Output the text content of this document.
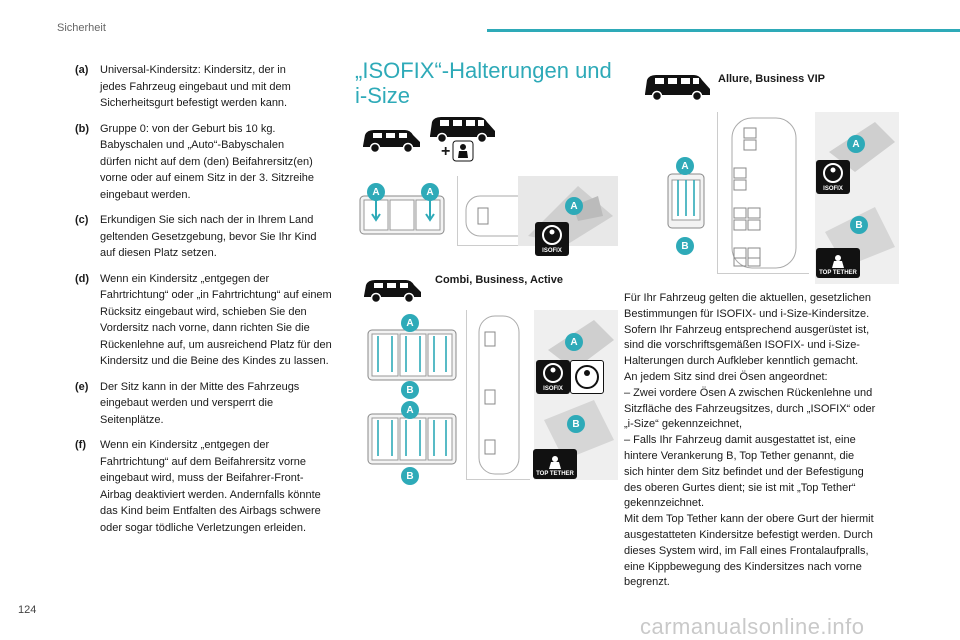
Sicherheit
(a)	Universal-Kindersitz: Kindersitz, der in
jedes Fahrzeug eingebaut und mit dem
Sicherheitsgurt befestigt werden kann.
(b) Gruppe 0: von der Geburt bis 10 kg.
Babyschalen und „Auto“-Babyschalen
dürfen nicht auf dem (den) Beifahrersitz(en)
vorne oder auf einem Sitz in der 3. Sitzreihe
eingebaut werden.
(c)	Erkundigen Sie sich nach der in Ihrem Land
geltenden Gesetzgebung, bevor Sie Ihr Kind
auf diesen Platz setzen.
(d) Wenn ein Kindersitz „entgegen der
Fahrtrichtung“ oder „in Fahrtrichtung“ auf einem
Rücksitz eingebaut wird, schieben Sie den
Vordersitz nach vorne, dann richten Sie die
Rückenlehne auf, um ausreichend Platz für den
Kindersitz und die Beine des Kindes zu lassen.
(e)	Der Sitz kann in der Mitte des Fahrzeugs
eingebaut werden und versperrt die
Seitenplätze.
(f)	Wenn ein Kindersitz „entgegen der
Fahrtrichtung“ auf dem Beifahrersitz vorne
eingebaut wird, muss der Beifahrer-Front-
Airbag deaktiviert werden. Andernfalls könnte
das Kind beim Entfalten des Airbags schwere
oder sogar tödliche Verletzungen erleiden.
„ISOFIX“-Halterungen und
i-Size
+
A	A
A
ISOFIX
Combi, Business, Active
A
B
A
B
A
ISOFIX
B
TOP TETHER
Allure, Business VIP
A
B
A
ISOFIX
B
TOP TETHER
Für Ihr Fahrzeug gelten die aktuellen, gesetzlichen
Bestimmungen für ISOFIX- und i-Size-Kindersitze.
Sofern Ihr Fahrzeug entsprechend ausgerüstet ist,
sind die vorschriftsgemäßen ISOFIX- und i-Size-
Halterungen durch Aufkleber kenntlich gemacht.
An jedem Sitz sind drei Ösen angeordnet:
– Zwei vordere Ösen A zwischen Rückenlehne und
Sitzfläche des Fahrzeugsitzes, durch „ISOFIX“ oder
„i-Size“ gekennzeichnet,
– Falls Ihr Fahrzeug damit ausgestattet ist, eine
hintere Verankerung B, Top Tether genannt, die
sich hinter dem Sitz befindet und der Befestigung
des oberen Gurtes dient; sie ist mit „Top Tether“
gekennzeichnet.
Mit dem Top Tether kann der obere Gurt der hiermit
ausgestatteten Kindersitze befestigt werden. Durch
dieses System wird, im Fall eines Frontalaufpralls,
eine Kippbewegung des Kindersitzes nach vorne
begrenzt.
124
carmanualsonline.info
